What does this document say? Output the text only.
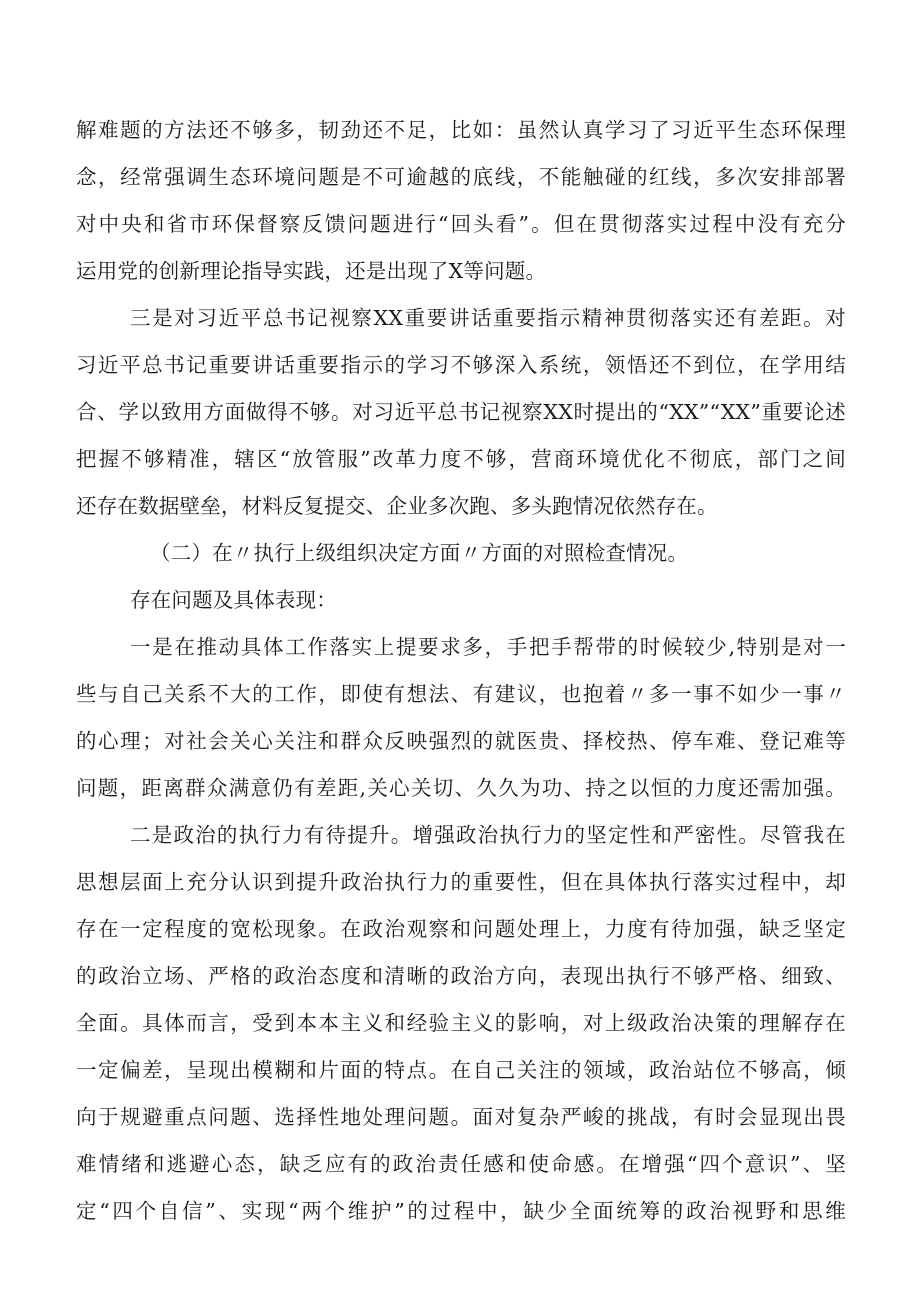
解难题的方法还不够多，韧劲还不足，比如：虽然认真学习了习近平生态环保理
念，经常强调生态环境问题是不可逾越的底线，不能触碰的红线，多次安排部署
对中央和省市环保督察反馈问题进行“回头看”。但在贯彻落实过程中没有充分
运用党的创新理论指导实践，还是出现了X等问题。
三是对习近平总书记视察XX重要讲话重要指示精神贯彻落实还有差距。对
习近平总书记重要讲话重要指示的学习不够深入系统，领悟还不到位，在学用结
合、学以致用方面做得不够。对习近平总书记视察XX时提出的“XX”“XX”重要论述
把握不够精准，辖区“放管服”改革力度不够，营商环境优化不彻底，部门之间
还存在数据壁垒，材料反复提交、企业多次跑、多头跑情况依然存在。
（二）在〃执行上级组织决定方面〃方面的对照检查情况。
存在问题及具体表现：
一是在推动具体工作落实上提要求多，手把手帮带的时候较少,特别是对一
些与自己关系不大的工作，即使有想法、有建议，也抱着〃多一事不如少一事〃
的心理；对社会关心关注和群众反映强烈的就医贵、择校热、停车难、登记难等
问题，距离群众满意仍有差距,关心关切、久久为功、持之以恒的力度还需加强。
二是政治的执行力有待提升。增强政治执行力的坚定性和严密性。尽管我在
思想层面上充分认识到提升政治执行力的重要性，但在具体执行落实过程中，却
存在一定程度的宽松现象。在政治观察和问题处理上，力度有待加强，缺乏坚定
的政治立场、严格的政治态度和清晰的政治方向，表现出执行不够严格、细致、
全面。具体而言，受到本本主义和经验主义的影响，对上级政治决策的理解存在
一定偏差，呈现出模糊和片面的特点。在自己关注的领域，政治站位不够高，倾
向于规避重点问题、选择性地处理问题。面对复杂严峻的挑战，有时会显现出畏
难情绪和逃避心态，缺乏应有的政治责任感和使命感。在增强“四个意识”、坚
定“四个自信”、实现“两个维护”的过程中，缺少全面统筹的政治视野和思维
